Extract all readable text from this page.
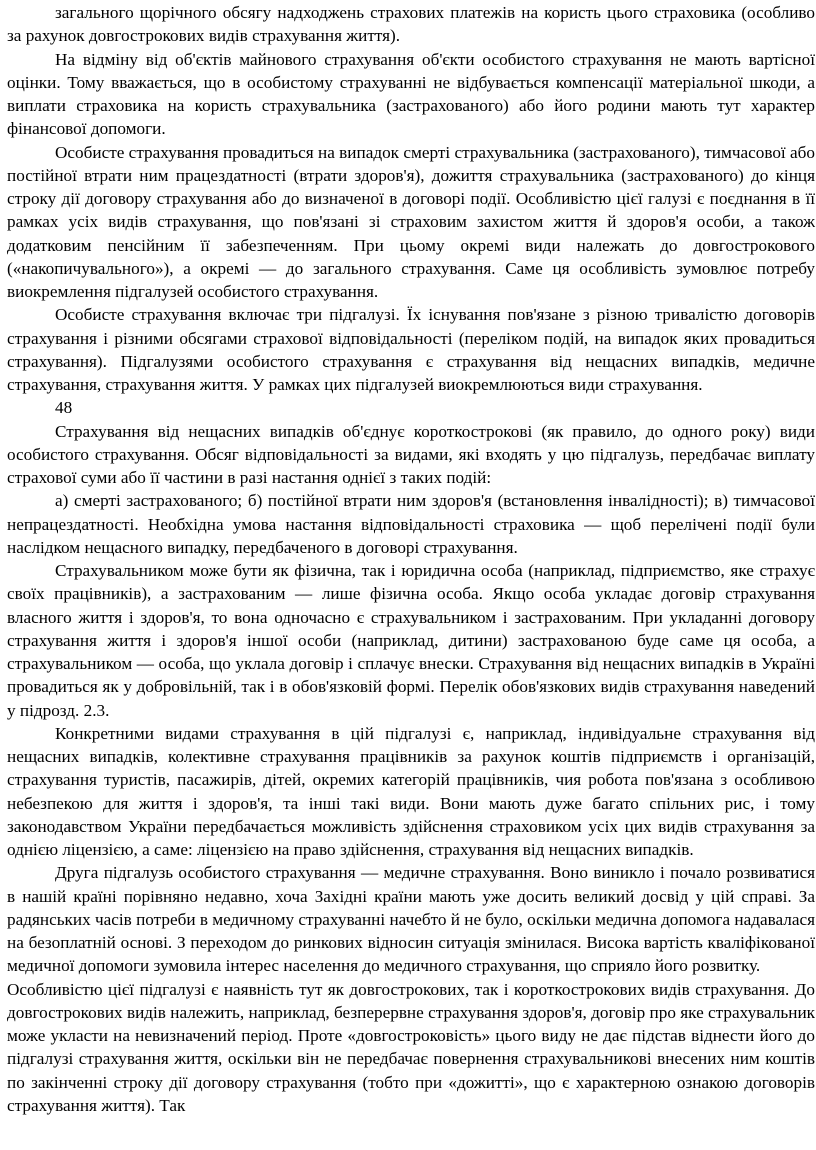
загального щорічного обсягу надходжень страхових платежів на користь цього страховика (особливо за рахунок довгострокових видів страхування життя).

На відміну від об'єктів майнового страхування об'єкти особистого страхування не мають вартісної оцінки. Тому вважається, що в особистому страхуванні не відбувається компенсації матеріальної шкоди, а виплати страховика на користь страхувальника (застрахованого) або його родини мають тут характер фінансової допомоги.

Особисте страхування провадиться на випадок смерті страхувальника (застрахованого), тимчасової або постійної втрати ним працездатності (втрати здоров'я), дожиття страхувальника (застрахованого) до кінця строку дії договору страхування або до визначеної в договорі події. Особливістю цієї галузі є поєднання в її рамках усіх видів страхування, що пов'язані зі страховим захистом життя й здоров'я особи, а також додатковим пенсійним її забезпеченням. При цьому окремі види належать до довгострокового («накопичувального»), а окремі — до загального страхування. Саме ця особливість зумовлює потребу виокремлення підгалузей особистого страхування.

Особисте страхування включає три підгалузі. Їх існування пов'язане з різною тривалістю договорів страхування і різними обсягами страхової відповідальності (переліком подій, на випадок яких провадиться страхування). Підгалузями особистого страхування є страхування від нещасних випадків, медичне страхування, страхування життя. У рамках цих підгалузей виокремлюються види страхування.

48

Страхування від нещасних випадків об'єднує короткострокові (як правило, до одного року) види особистого страхування. Обсяг відповідальності за видами, які входять у цю підгалузь, передбачає виплату страхової суми або її частини в разі настання однієї з таких подій:

а) смерті застрахованого; б) постійної втрати ним здоров'я (встановлення інвалідності); в) тимчасової непрацездатності. Необхідна умова настання відповідальності страховика — щоб перелічені події були наслідком нещасного випадку, передбаченого в договорі страхування.

Страхувальником може бути як фізична, так і юридична особа (наприклад, підприємство, яке страхує своїх працівників), а застрахованим — лише фізична особа. Якщо особа укладає договір страхування власного життя і здоров'я, то вона одночасно є страхувальником і застрахованим. При укладанні договору страхування життя і здоров'я іншої особи (наприклад, дитини) застрахованою буде саме ця особа, а страхувальником — особа, що уклала договір і сплачує внески. Страхування від нещасних випадків в Україні провадиться як у добровільній, так і в обов'язковій формі. Перелік обов'язкових видів страхування наведений у підрозд. 2.3.

Конкретними видами страхування в цій підгалузі є, наприклад, індивідуальне страхування від нещасних випадків, колективне страхування працівників за рахунок коштів підприємств і організацій, страхування туристів, пасажирів, дітей, окремих категорій працівників, чия робота пов'язана з особливою небезпекою для життя і здоров'я, та інші такі види. Вони мають дуже багато спільних рис, і тому законодавством України передбачається можливість здійснення страховиком усіх цих видів страхування за однією ліцензією, а саме: ліцензією на право здійснення, страхування від нещасних випадків.

Друга підгалузь особистого страхування — медичне страхування. Воно виникло і почало розвиватися в нашій країні порівняно недавно, хоча Західні країни мають уже досить великий досвід у цій справі. За радянських часів потреби в медичному страхуванні начебто й не було, оскільки медична допомога надавалася на безоплатній основі. З переходом до ринкових відносин ситуація змінилася. Висока вартість кваліфікованої медичної допомоги зумовила інтерес населення до медичного страхування, що сприяло його розвитку.

Особливістю цієї підгалузі є наявність тут як довгострокових, так і короткострокових видів страхування. До довгострокових видів належить, наприклад, безперервне страхування здоров'я, договір про яке страхувальник може укласти на невизначений період. Проте «довгостроковість» цього виду не дає підстав віднести його до підгалузі страхування життя, оскільки він не передбачає повернення страхувальникові внесених ним коштів по закінченні строку дії договору страхування (тобто при «дожитті», що є характерною ознакою договорів страхування життя). Так
